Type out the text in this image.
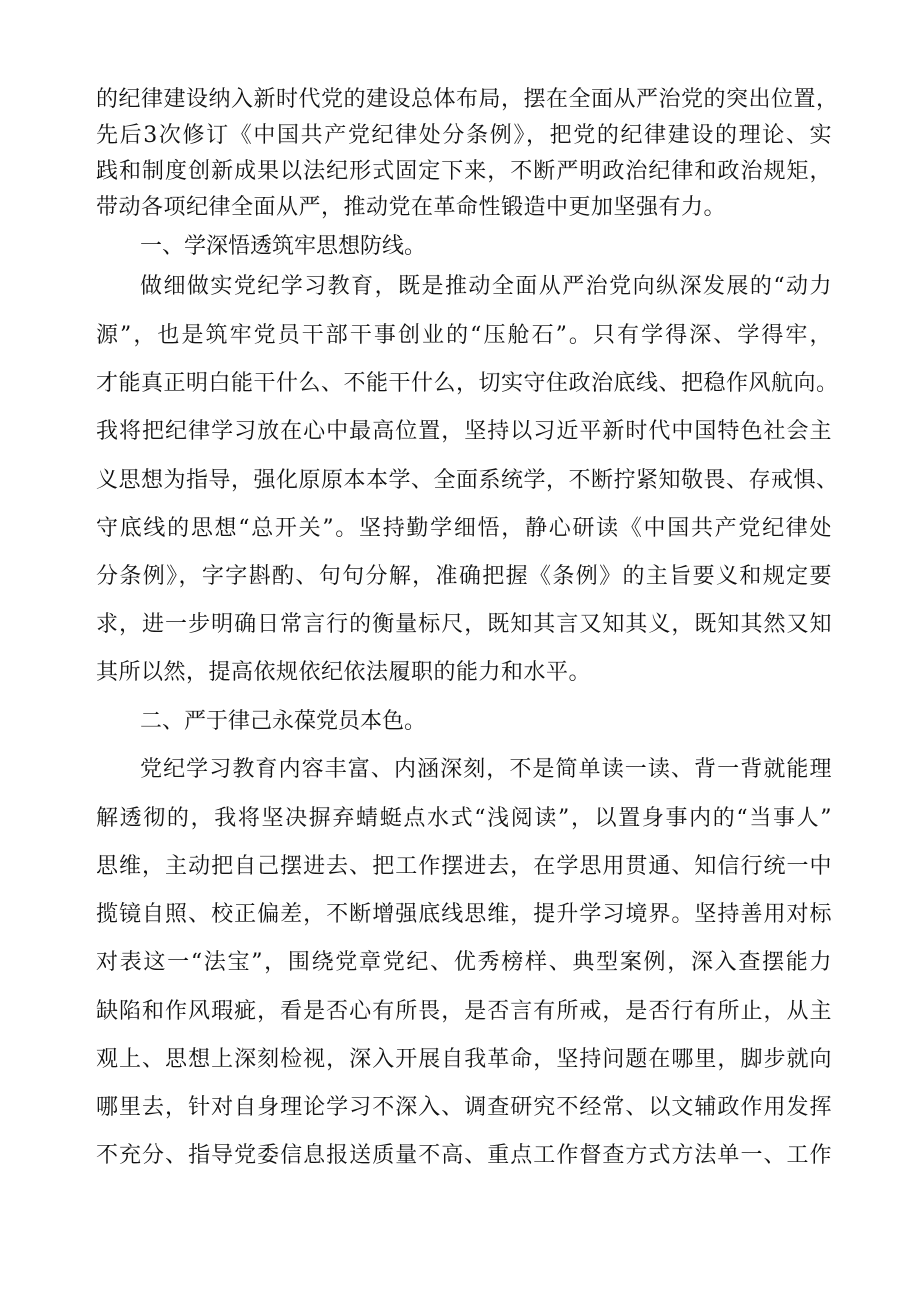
的纪律建设纳入新时代党的建设总体布局，摆在全面从严治党的突出位置，
先后3次修订《中国共产党纪律处分条例》，把党的纪律建设的理论、实
践和制度创新成果以法纪形式固定下来，不断严明政治纪律和政治规矩，
带动各项纪律全面从严，推动党在革命性锻造中更加坚强有力。
一、学深悟透筑牢思想防线。
做细做实党纪学习教育，既是推动全面从严治党向纵深发展的“动力
源”，也是筑牢党员干部干事创业的“压舱石”。只有学得深、学得牢，
才能真正明白能干什么、不能干什么，切实守住政治底线、把稳作风航向。
我将把纪律学习放在心中最高位置，坚持以习近平新时代中国特色社会主
义思想为指导，强化原原本本学、全面系统学，不断拧紧知敬畏、存戒惧、
守底线的思想“总开关”。坚持勤学细悟，静心研读《中国共产党纪律处
分条例》，字字斟酌、句句分解，准确把握《条例》的主旨要义和规定要
求，进一步明确日常言行的衡量标尺，既知其言又知其义，既知其然又知
其所以然，提高依规依纪依法履职的能力和水平。
二、严于律己永葆党员本色。
党纪学习教育内容丰富、内涵深刻，不是简单读一读、背一背就能理
解透彻的，我将坚决摒弃蜻蜓点水式“浅阅读”，以置身事内的“当事人”
思维，主动把自己摆进去、把工作摆进去，在学思用贯通、知信行统一中
揽镜自照、校正偏差，不断增强底线思维，提升学习境界。坚持善用对标
对表这一“法宝”，围绕党章党纪、优秀榜样、典型案例，深入查摆能力
缺陷和作风瑕疵，看是否心有所畏，是否言有所戒，是否行有所止，从主
观上、思想上深刻检视，深入开展自我革命，坚持问题在哪里，脚步就向
哪里去，针对自身理论学习不深入、调查研究不经常、以文辅政作用发挥
不充分、指导党委信息报送质量不高、重点工作督查方式方法单一、工作
